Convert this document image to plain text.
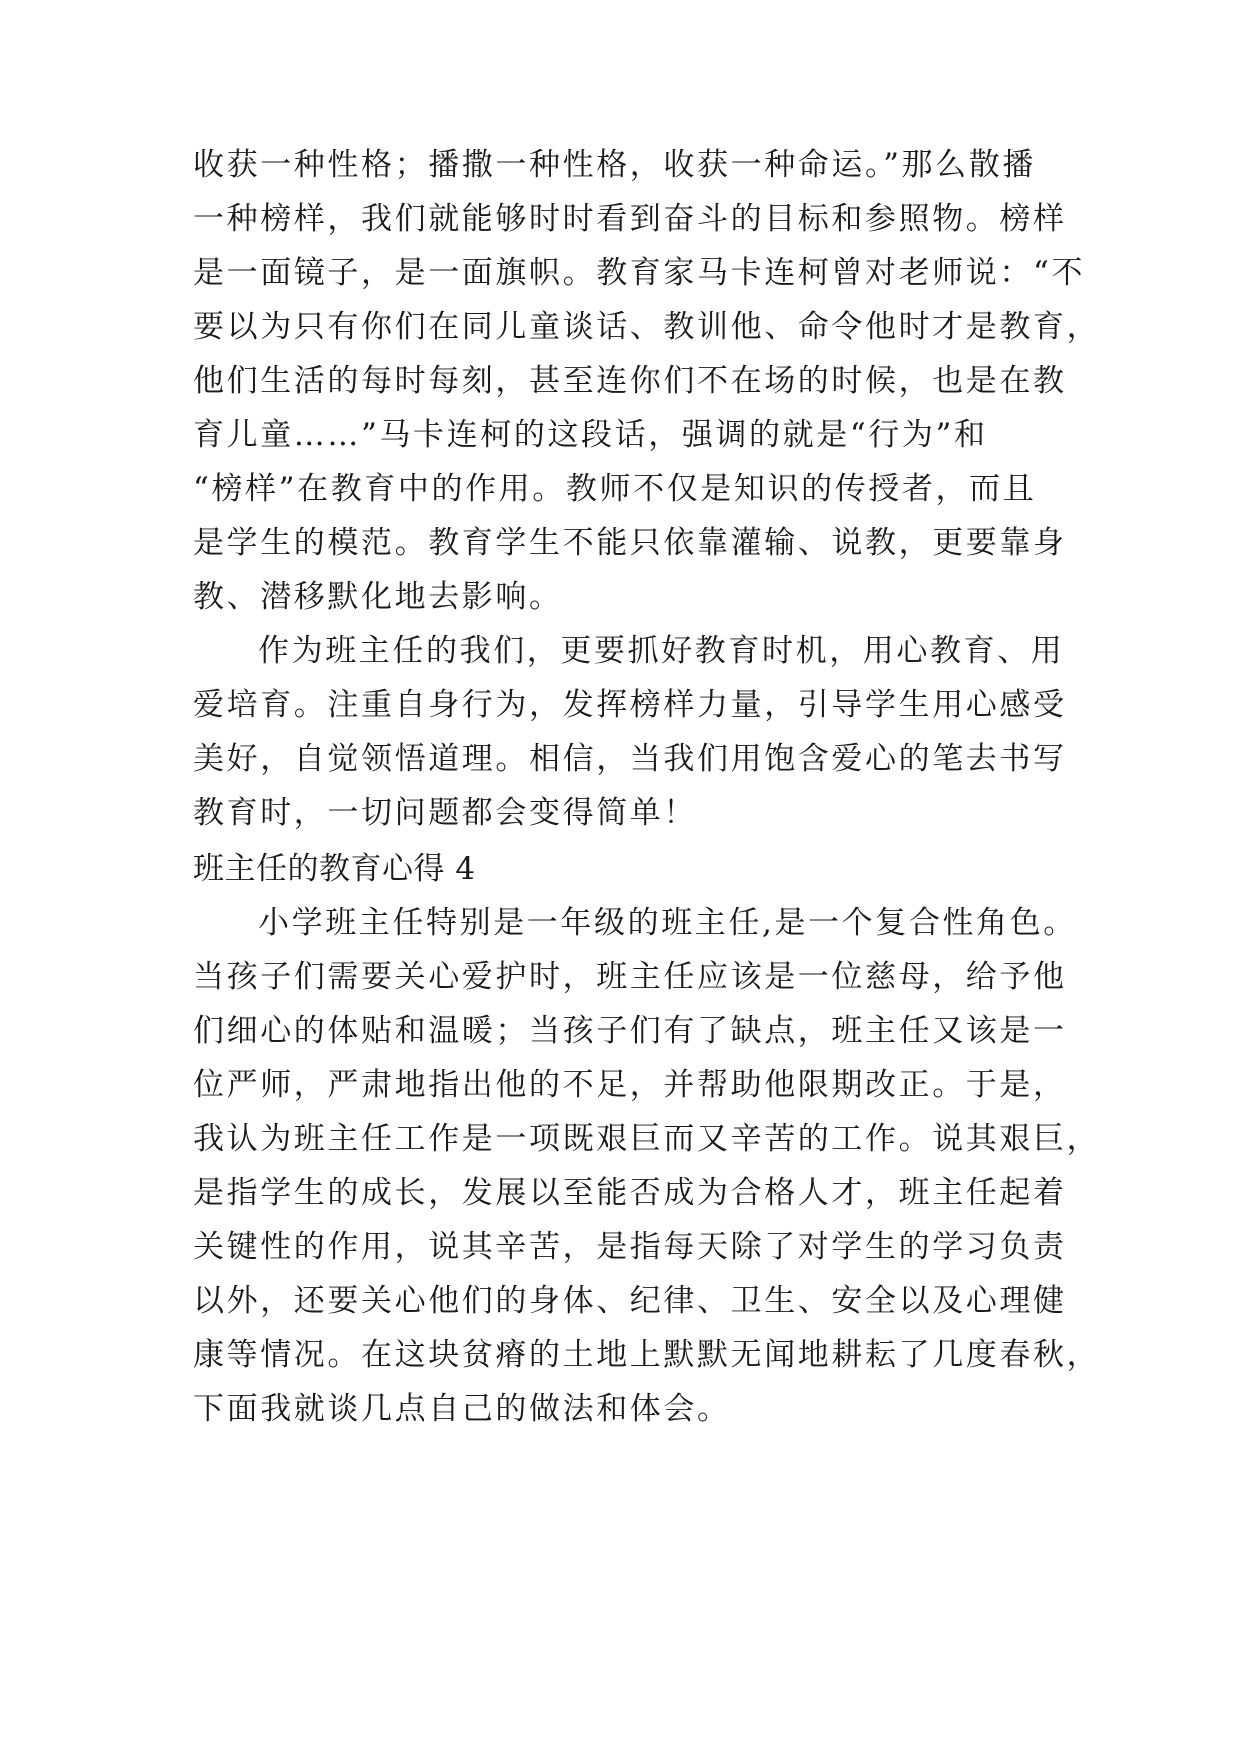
收获一种性格；播撒一种性格，收获一种命运。”那么散播
一种榜样，我们就能够时时看到奋斗的目标和参照物。榜样
是一面镜子，是一面旗帜。教育家马卡连柯曾对老师说：“不
要以为只有你们在同儿童谈话、教训他、命令他时才是教育，
他们生活的每时每刻，甚至连你们不在场的时候，也是在教
育儿童……”马卡连柯的这段话，强调的就是“行为”和
“榜样”在教育中的作用。教师不仅是知识的传授者，而且
是学生的模范。教育学生不能只依靠灌输、说教，更要靠身
教、潜移默化地去影响。
作为班主任的我们，更要抓好教育时机，用心教育、用
爱培育。注重自身行为，发挥榜样力量，引导学生用心感受
美好，自觉领悟道理。相信，当我们用饱含爱心的笔去书写
教育时，一切问题都会变得简单！
班主任的教育心得 4
小学班主任特别是一年级的班主任,是一个复合性角色。
当孩子们需要关心爱护时，班主任应该是一位慈母，给予他
们细心的体贴和温暖；当孩子们有了缺点，班主任又该是一
位严师，严肃地指出他的不足，并帮助他限期改正。于是，
我认为班主任工作是一项既艰巨而又辛苦的工作。说其艰巨，
是指学生的成长，发展以至能否成为合格人才，班主任起着
关键性的作用，说其辛苦，是指每天除了对学生的学习负责
以外，还要关心他们的身体、纪律、卫生、安全以及心理健
康等情况。在这块贫瘠的土地上默默无闻地耕耘了几度春秋，
下面我就谈几点自己的做法和体会。
